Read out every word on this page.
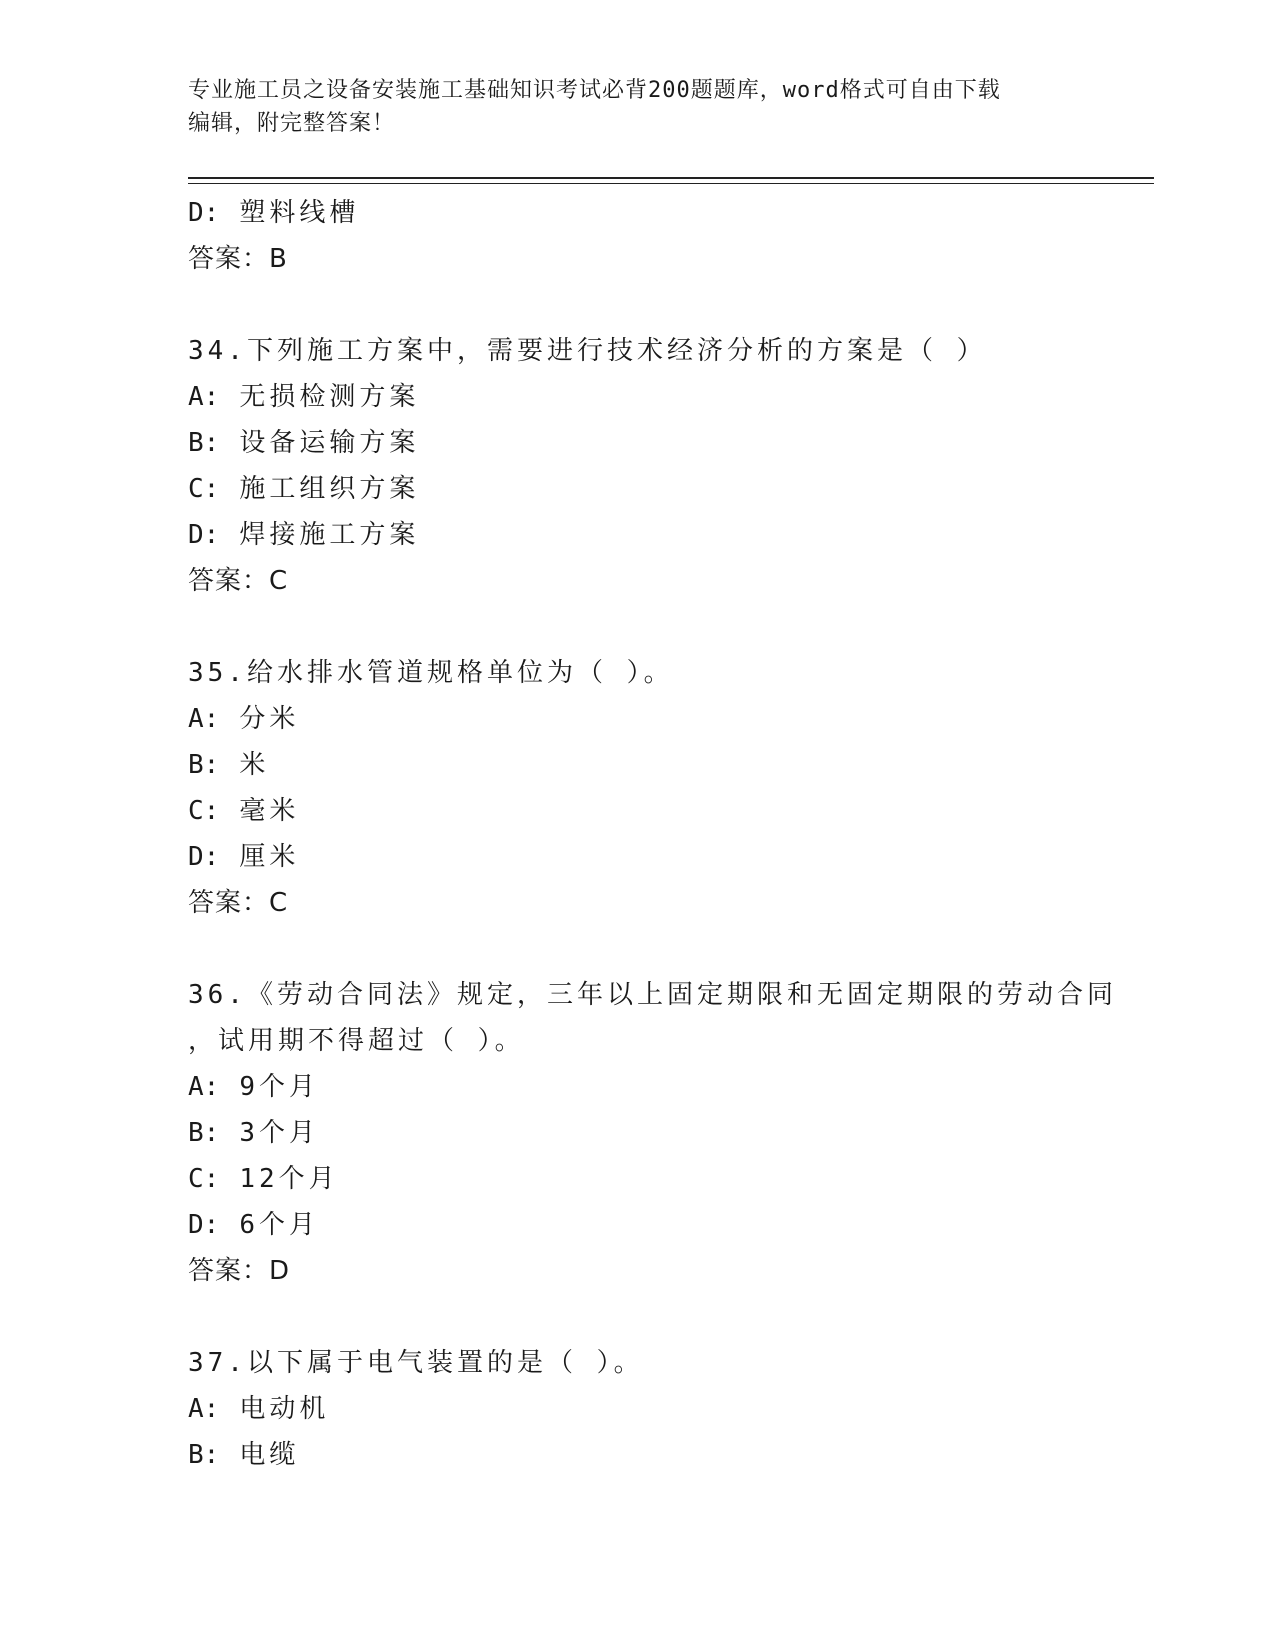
专业施工员之设备安装施工基础知识考试必背200题题库，word格式可自由下载
编辑，附完整答案！
D: 塑料线槽
答案：B
34.下列施工方案中，需要进行技术经济分析的方案是（ ）
A: 无损检测方案
B: 设备运输方案
C: 施工组织方案
D: 焊接施工方案
答案：C
35.给水排水管道规格单位为（ ）。
A: 分米
B: 米
C: 毫米
D: 厘米
答案：C
36.《劳动合同法》规定，三年以上固定期限和无固定期限的劳动合同
，试用期不得超过（ ）。
A: 9个月
B: 3个月
C: 12个月
D: 6个月
答案：D
37.以下属于电气装置的是（ ）。
A: 电动机
B: 电缆
